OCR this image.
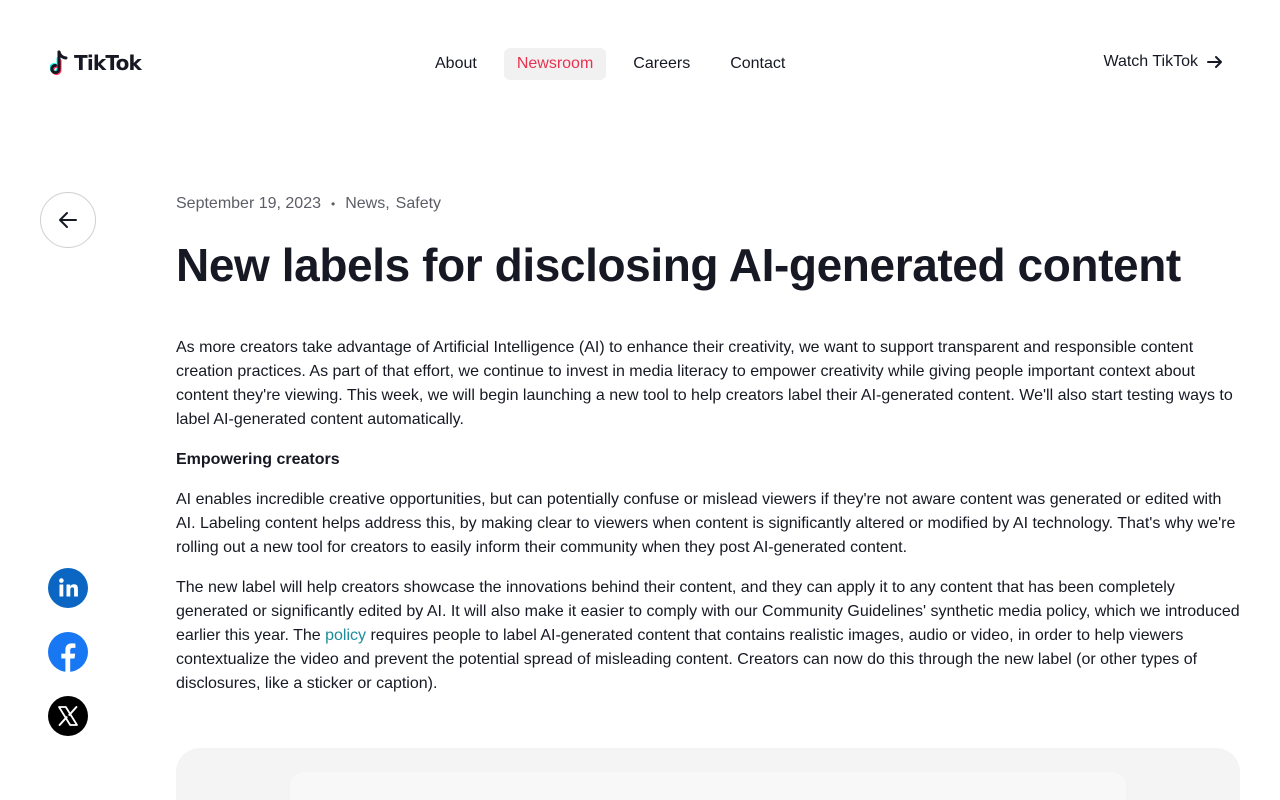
TikTok	About	Newsroom	Careers	Contact	Watch TikTok
September 19, 2023 • News , Safety
New labels for disclosing AI-generated content

As more creators take advantage of Artificial Intelligence (AI) to enhance their creativity, we want to support transparent and responsible content creation practices. As part of that effort, we continue to invest in media literacy to empower creativity while giving people important context about content they're viewing. This week, we will begin launching a new tool to help creators label their AI-generated content. We'll also start testing ways to label AI-generated content automatically.

Empowering creators

AI enables incredible creative opportunities, but can potentially confuse or mislead viewers if they're not aware content was generated or edited with AI. Labeling content helps address this, by making clear to viewers when content is significantly altered or modified by AI technology. That's why we're rolling out a new tool for creators to easily inform their community when they post AI-generated content.

The new label will help creators showcase the innovations behind their content, and they can apply it to any content that has been completely generated or significantly edited by AI. It will also make it easier to comply with our Community Guidelines' synthetic media policy, which we introduced earlier this year. The policy requires people to label AI-generated content that contains realistic images, audio or video, in order to help viewers contextualize the video and prevent the potential spread of misleading content. Creators can now do this through the new label (or other types of disclosures, like a sticker or caption).
